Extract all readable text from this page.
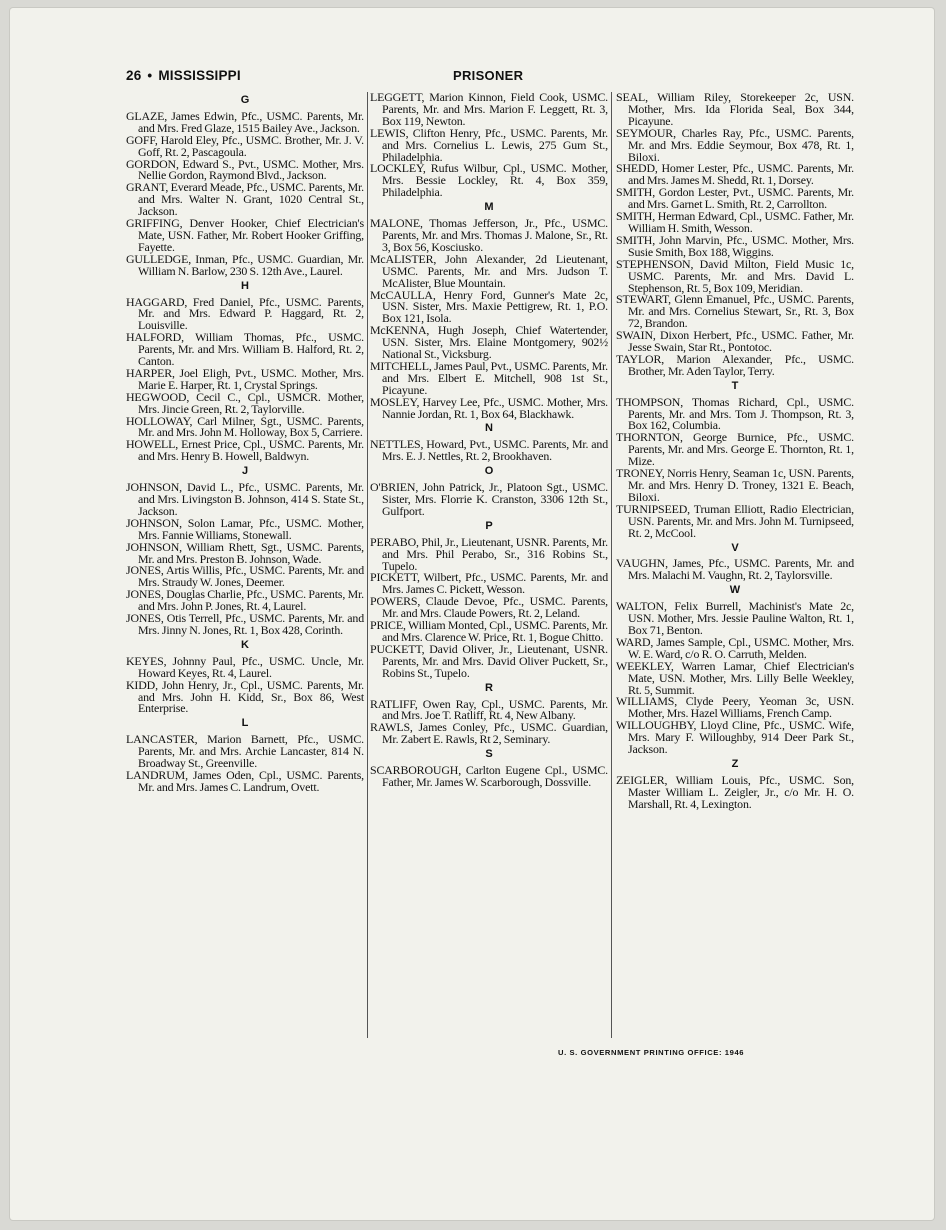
26 • MISSISSIPPI	PRISONER
G
GLAZE, James Edwin, Pfc., USMC. Parents, Mr. and Mrs. Fred Glaze, 1515 Bailey Ave., Jackson.
GOFF, Harold Eley, Pfc., USMC. Brother, Mr. J. V. Goff, Rt. 2, Pascagoula.
GORDON, Edward S., Pvt., USMC. Mother, Mrs. Nellie Gordon, Raymond Blvd., Jackson.
GRANT, Everard Meade, Pfc., USMC. Parents, Mr. and Mrs. Walter N. Grant, 1020 Central St., Jackson.
GRIFFING, Denver Hooker, Chief Electrician's Mate, USN. Father, Mr. Robert Hooker Griffing, Fayette.
GULLEDGE, Inman, Pfc., USMC. Guardian, Mr. William N. Barlow, 230 S. 12th Ave., Laurel.
H
HAGGARD, Fred Daniel, Pfc., USMC. Parents, Mr. and Mrs. Edward P. Haggard, Rt. 2, Louisville.
HALFORD, William Thomas, Pfc., USMC. Parents, Mr. and Mrs. William B. Halford, Rt. 2, Canton.
HARPER, Joel Eligh, Pvt., USMC. Mother, Mrs. Marie E. Harper, Rt. 1, Crystal Springs.
HEGWOOD, Cecil C., Cpl., USMCR. Mother, Mrs. Jincie Green, Rt. 2, Taylorville.
HOLLOWAY, Carl Milner, Sgt., USMC. Parents, Mr. and Mrs. John M. Holloway, Box 5, Carriere.
HOWELL, Ernest Price, Cpl., USMC. Parents, Mr. and Mrs. Henry B. Howell, Baldwyn.
J
JOHNSON, David L., Pfc., USMC. Parents, Mr. and Mrs. Livingston B. Johnson, 414 S. State St., Jackson.
JOHNSON, Solon Lamar, Pfc., USMC. Mother, Mrs. Fannie Williams, Stonewall.
JOHNSON, William Rhett, Sgt., USMC. Parents, Mr. and Mrs. Preston B. Johnson, Wade.
JONES, Artis Willis, Pfc., USMC. Parents, Mr. and Mrs. Straudy W. Jones, Deemer.
JONES, Douglas Charlie, Pfc., USMC. Parents, Mr. and Mrs. John P. Jones, Rt. 4, Laurel.
JONES, Otis Terrell, Pfc., USMC. Parents, Mr. and Mrs. Jinny N. Jones, Rt. 1, Box 428, Corinth.
K
KEYES, Johnny Paul, Pfc., USMC. Uncle, Mr. Howard Keyes, Rt. 4, Laurel.
KIDD, John Henry, Jr., Cpl., USMC. Parents, Mr. and Mrs. John H. Kidd, Sr., Box 86, West Enterprise.
L
LANCASTER, Marion Barnett, Pfc., USMC. Parents, Mr. and Mrs. Archie Lancaster, 814 N. Broadway St., Greenville.
LANDRUM, James Oden, Cpl., USMC. Parents, Mr. and Mrs. James C. Landrum, Ovett.
LEGGETT, Marion Kinnon, Field Cook, USMC. Parents, Mr. and Mrs. Marion F. Leggett, Rt. 3, Box 119, Newton.
LEWIS, Clifton Henry, Pfc., USMC. Parents, Mr. and Mrs. Cornelius L. Lewis, 275 Gum St., Philadelphia.
LOCKLEY, Rufus Wilbur, Cpl., USMC. Mother, Mrs. Bessie Lockley, Rt. 4, Box 359, Philadelphia.
M
MALONE, Thomas Jefferson, Jr., Pfc., USMC. Parents, Mr. and Mrs. Thomas J. Malone, Sr., Rt. 3, Box 56, Kosciusko.
McALISTER, John Alexander, 2d Lieutenant, USMC. Parents, Mr. and Mrs. Judson T. McAlister, Blue Mountain.
McCAULLA, Henry Ford, Gunner's Mate 2c, USN. Sister, Mrs. Maxie Pettigrew, Rt. 1, P.O. Box 121, Isola.
McKENNA, Hugh Joseph, Chief Watertender, USN. Sister, Mrs. Elaine Montgomery, 902½ National St., Vicksburg.
MITCHELL, James Paul, Pvt., USMC. Parents, Mr. and Mrs. Elbert E. Mitchell, 908 1st St., Picayune.
MOSLEY, Harvey Lee, Pfc., USMC. Mother, Mrs. Nannie Jordan, Rt. 1, Box 64, Blackhawk.
N
NETTLES, Howard, Pvt., USMC. Parents, Mr. and Mrs. E. J. Nettles, Rt. 2, Brookhaven.
O
O'BRIEN, John Patrick, Jr., Platoon Sgt., USMC. Sister, Mrs. Florrie K. Cranston, 3306 12th St., Gulfport.
P
PERABO, Phil, Jr., Lieutenant, USNR. Parents, Mr. and Mrs. Phil Perabo, Sr., 316 Robins St., Tupelo.
PICKETT, Wilbert, Pfc., USMC. Parents, Mr. and Mrs. James C. Pickett, Wesson.
POWERS, Claude Devoe, Pfc., USMC. Parents, Mr. and Mrs. Claude Powers, Rt. 2, Leland.
PRICE, William Monted, Cpl., USMC. Parents, Mr. and Mrs. Clarence W. Price, Rt. 1, Bogue Chitto.
PUCKETT, David Oliver, Jr., Lieutenant, USNR. Parents, Mr. and Mrs. David Oliver Puckett, Sr., Robins St., Tupelo.
R
RATLIFF, Owen Ray, Cpl., USMC. Parents, Mr. and Mrs. Joe T. Ratliff, Rt. 4, New Albany.
RAWLS, James Conley, Pfc., USMC. Guardian, Mr. Zabert E. Rawls, Rt 2, Seminary.
S
SCARBOROUGH, Carlton Eugene Cpl., USMC. Father, Mr. James W. Scarborough, Dossville.
SEAL, William Riley, Storekeeper 2c, USN. Mother, Mrs. Ida Florida Seal, Box 344, Picayune.
SEYMOUR, Charles Ray, Pfc., USMC. Parents, Mr. and Mrs. Eddie Seymour, Box 478, Rt. 1, Biloxi.
SHEDD, Homer Lester, Pfc., USMC. Parents, Mr. and Mrs. James M. Shedd, Rt. 1, Dorsey.
SMITH, Gordon Lester, Pvt., USMC. Parents, Mr. and Mrs. Garnet L. Smith, Rt. 2, Carrollton.
SMITH, Herman Edward, Cpl., USMC. Father, Mr. William H. Smith, Wesson.
SMITH, John Marvin, Pfc., USMC. Mother, Mrs. Susie Smith, Box 188, Wiggins.
STEPHENSON, David Milton, Field Music 1c, USMC. Parents, Mr. and Mrs. David L. Stephenson, Rt. 5, Box 109, Meridian.
STEWART, Glenn Emanuel, Pfc., USMC. Parents, Mr. and Mrs. Cornelius Stewart, Sr., Rt. 3, Box 72, Brandon.
SWAIN, Dixon Herbert, Pfc., USMC. Father, Mr. Jesse Swain, Star Rt., Pontotoc.
TAYLOR, Marion Alexander, Pfc., USMC. Brother, Mr. Aden Taylor, Terry.
T
THOMPSON, Thomas Richard, Cpl., USMC. Parents, Mr. and Mrs. Tom J. Thompson, Rt. 3, Box 162, Columbia.
THORNTON, George Burnice, Pfc., USMC. Parents, Mr. and Mrs. George E. Thornton, Rt. 1, Mize.
TRONEY, Norris Henry, Seaman 1c, USN. Parents, Mr. and Mrs. Henry D. Troney, 1321 E. Beach, Biloxi.
TURNIPSEED, Truman Elliott, Radio Electrician, USN. Parents, Mr. and Mrs. John M. Turnipseed, Rt. 2, McCool.
V
VAUGHN, James, Pfc., USMC. Parents, Mr. and Mrs. Malachi M. Vaughn, Rt. 2, Taylorsville.
W
WALTON, Felix Burrell, Machinist's Mate 2c, USN. Mother, Mrs. Jessie Pauline Walton, Rt. 1, Box 71, Benton.
WARD, James Sample, Cpl., USMC. Mother, Mrs. W. E. Ward, c/o R. O. Carruth, Melden.
WEEKLEY, Warren Lamar, Chief Electrician's Mate, USN. Mother, Mrs. Lilly Belle Weekley, Rt. 5, Summit.
WILLIAMS, Clyde Peery, Yeoman 3c, USN. Mother, Mrs. Hazel Williams, French Camp.
WILLOUGHBY, Lloyd Cline, Pfc., USMC. Wife, Mrs. Mary F. Willoughby, 914 Deer Park St., Jackson.
Z
ZEIGLER, William Louis, Pfc., USMC. Son, Master William L. Zeigler, Jr., c/o Mr. H. O. Marshall, Rt. 4, Lexington.
U. S. GOVERNMENT PRINTING OFFICE: 1946
